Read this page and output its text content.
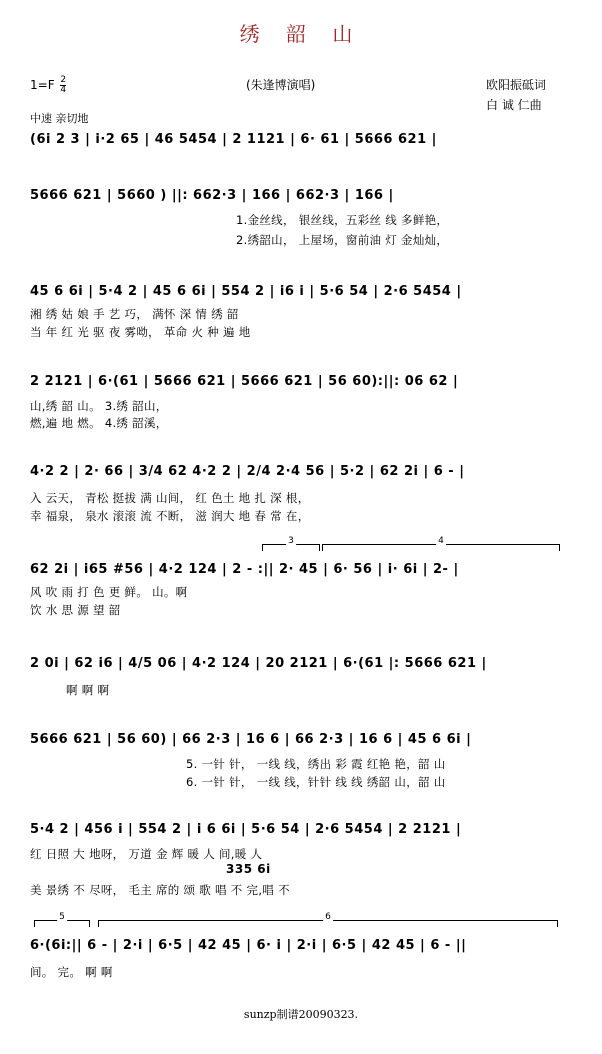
绣 韶 山
$1=F \frac{2}{4}$	(朱逢博演唱)	欧阳振砥词
白 诚 仁曲
中速 亲切地
(6i 2 3 | i·2 65 | 46 5454 | 2 1121 | 6· 61 | 5666 621 |
5666 621 | 5660 ) ||: 662·3 | 166 | 662·3 | 166 |
1.金丝线， 银丝线，五彩丝 线 多鲜艳，
2.绣韶山， 上屋场，窗前油 灯 金灿灿，
45 6 6i | 5·4 2 | 45 6 6i | 554 2 | i6 i | 5·6 54 | 2·6 5454 |
湘 绣 姑 娘 手 艺 巧， 满怀 深 情 绣 韶
当 年 红 光 驱 夜 雾呦， 革命 火 种 遍 地
2 2121 | 6·(61 | 5666 621 | 5666 621 | 56 60):||: 06 62 |
山,绣 韶 山。 3.绣 韶山，
燃,遍 地 燃。 4.绣 韶溪，
4·2 2 | 2· 66 | 3/4 62 4·2 2 | 2/4 2·4 56 | 5·2 | 62 2i | 6 - |
入 云天， 青松 挺拔 满 山间， 红 色土 地 扎 深 根，
幸 福泉， 泉水 滚滚 流 不断， 滋 润大 地 春 常 在，
3	4
62 2i | i65 #56 | 4·2 124 | 2 - :|| 2· 45 | 6· 56 | i· 6i | 2- |
风 吹 雨 打 色 更 鲜。 山。啊
饮 水 思 源 望 韶
2 0i | 62 i6 | 4/5 06 | 4·2 124 | 20 2121 | 6·(61 |: 5666 621 |
啊 啊 啊
5666 621 | 56 60) | 66 2·3 | 16 6 | 66 2·3 | 16 6 | 45 6 6i |
5. 一针 针， 一线 线，绣出 彩 霞 红艳 艳，韶 山
6. 一针 针， 一线 线，针针 线 线 绣韶 山，韶 山
5·4 2 | 456 i | 554 2 | i 6 6i | 5·6 54 | 2·6 5454 | 2 2121 |
红 日照 大 地呀， 万道 金 辉 暖 人 间,暖 人
335 6i
美 景绣 不 尽呀， 毛主 席的 颂 歌 唱 不 完,唱 不
5	6
6·(6i:|| 6 - | 2·i | 6·5 | 42 45 | 6· i | 2·i | 6·5 | 42 45 | 6 - ||
间。 完。 啊 啊
sunzp制谱20090323.
